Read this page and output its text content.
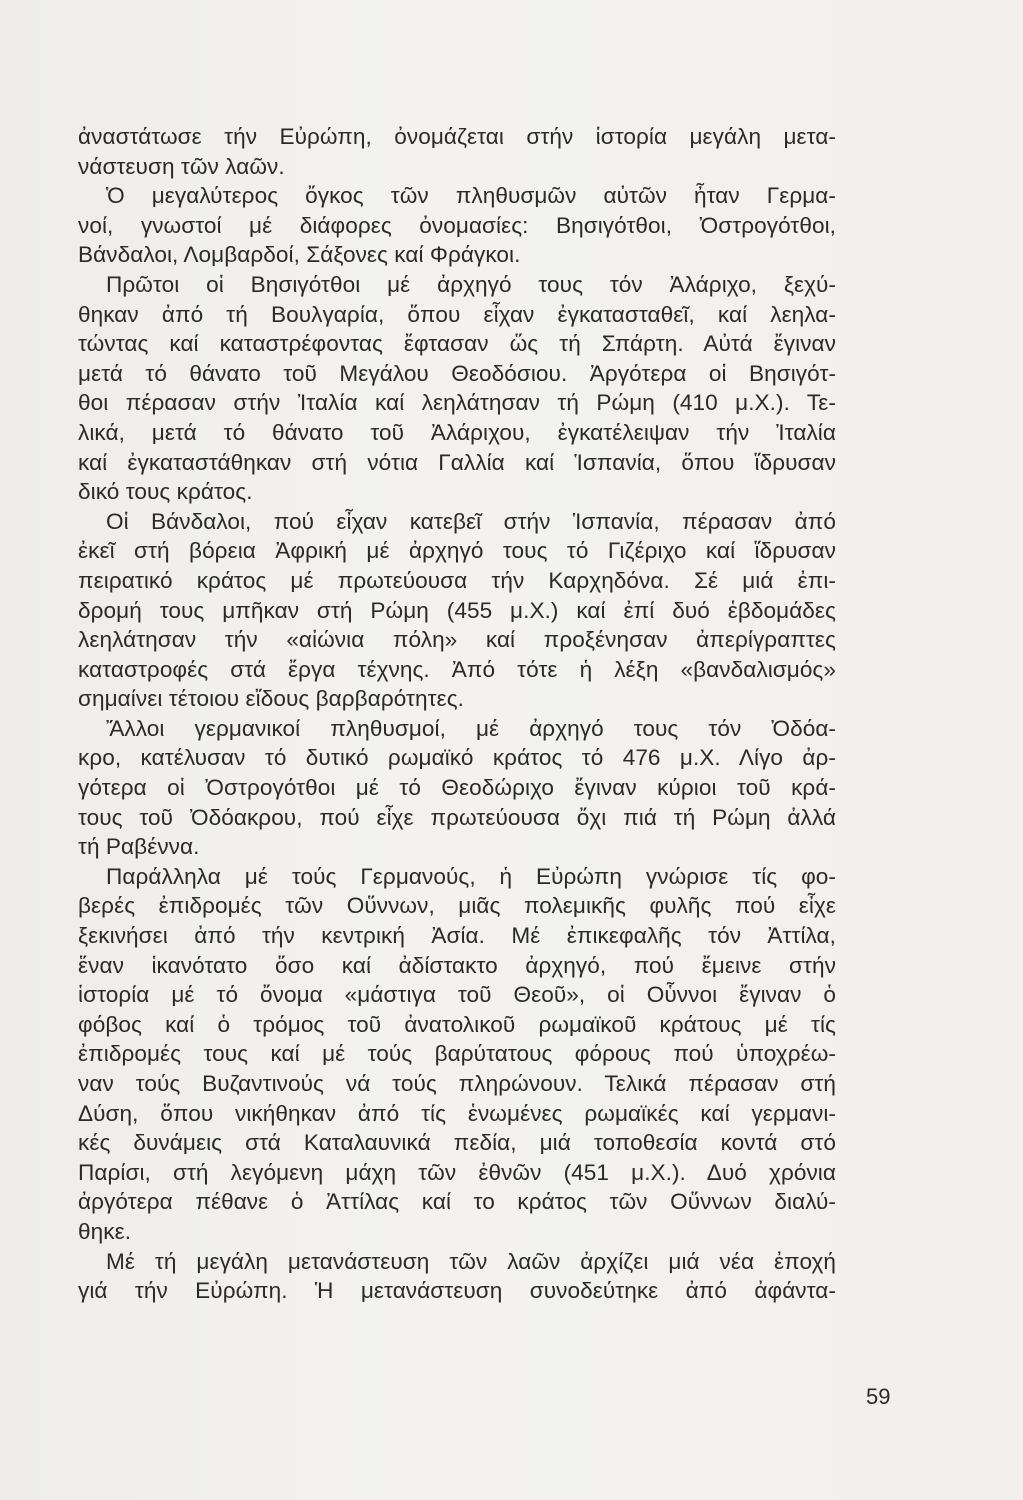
ἀναστάτωσε τήν Εὐρώπη, ὀνομάζεται στήν ἱστορία μεγάλη μετα-
νάστευση τῶν λαῶν.
Ὁ μεγαλύτερος ὄγκος τῶν πληθυσμῶν αὐτῶν ἦταν Γερμα-
νοί, γνωστοί μέ διάφορες ὀνομασίες: Βησιγότθοι, Ὀστρογότθοι,
Βάνδαλοι, Λομβαρδοί, Σάξονες καί Φράγκοι.
Πρῶτοι οἱ Βησιγότθοι μέ ἀρχηγό τους τόν Ἀλάριχο, ξεχύ-
θηκαν ἀπό τή Βουλγαρία, ὅπου εἶχαν ἐγκατασταθεῖ, καί λεηλα-
τώντας καί καταστρέφοντας ἔφτασαν ὥς τή Σπάρτη. Αὐτά ἔγιναν
μετά τό θάνατο τοῦ Μεγάλου Θεοδόσιου. Ἀργότερα οἱ Βησιγότ-
θοι πέρασαν στήν Ἰταλία καί λεηλάτησαν τή Ρώμη (410 μ.Χ.). Τε-
λικά, μετά τό θάνατο τοῦ Ἀλάριχου, ἐγκατέλειψαν τήν Ἰταλία
καί ἐγκαταστάθηκαν στή νότια Γαλλία καί Ἱσπανία, ὅπου ἵδρυσαν
δικό τους κράτος.
Οἱ Βάνδαλοι, πού εἶχαν κατεβεῖ στήν Ἱσπανία, πέρασαν ἀπό
ἐκεῖ στή βόρεια Ἀφρική μέ ἀρχηγό τους τό Γιζέριχο καί ἵδρυσαν
πειρατικό κράτος μέ πρωτεύουσα τήν Καρχηδόνα. Σέ μιά ἐπι-
δρομή τους μπῆκαν στή Ρώμη (455 μ.Χ.) καί ἐπί δυό ἑβδομάδες
λεηλάτησαν τήν «αἰώνια πόλη» καί προξένησαν ἀπερίγραπτες
καταστροφές στά ἔργα τέχνης. Ἀπό τότε ἡ λέξη «βανδαλισμός»
σημαίνει τέτοιου εἴδους βαρβαρότητες.
Ἄλλοι γερμανικοί πληθυσμοί, μέ ἀρχηγό τους τόν Ὀδόα-
κρο, κατέλυσαν τό δυτικό ρωμαϊκό κράτος τό 476 μ.Χ. Λίγο ἀρ-
γότερα οἱ Ὀστρογότθοι μέ τό Θεοδώριχο ἔγιναν κύριοι τοῦ κρά-
τους τοῦ Ὀδόακρου, πού εἶχε πρωτεύουσα ὄχι πιά τή Ρώμη ἀλλά
τή Ραβέννα.
Παράλληλα μέ τούς Γερμανούς, ἡ Εὐρώπη γνώρισε τίς φο-
βερές ἐπιδρομές τῶν Οὕννων, μιᾶς πολεμικῆς φυλῆς πού εἶχε
ξεκινήσει ἀπό τήν κεντρική Ἀσία. Μέ ἐπικεφαλῆς τόν Ἀττίλα,
ἕναν ἱκανότατο ὅσο καί ἀδίστακτο ἀρχηγό, πού ἔμεινε στήν
ἱστορία μέ τό ὄνομα «μάστιγα τοῦ Θεοῦ», οἱ Οὗννοι ἔγιναν ὁ
φόβος καί ὁ τρόμος τοῦ ἀνατολικοῦ ρωμαϊκοῦ κράτους μέ τίς
ἐπιδρομές τους καί μέ τούς βαρύτατους φόρους πού ὑποχρέω-
ναν τούς Βυζαντινούς νά τούς πληρώνουν. Τελικά πέρασαν στή
Δύση, ὅπου νικήθηκαν ἀπό τίς ἑνωμένες ρωμαϊκές καί γερμανι-
κές δυνάμεις στά Καταλαυνικά πεδία, μιά τοποθεσία κοντά στό
Παρίσι, στή λεγόμενη μάχη τῶν ἐθνῶν (451 μ.Χ.). Δυό χρόνια
ἀργότερα πέθανε ὁ Ἀττίλας καί το κράτος τῶν Οὕννων διαλύ-
θηκε.
Μέ τή μεγάλη μετανάστευση τῶν λαῶν ἀρχίζει μιά νέα ἐποχή
γιά τήν Εὐρώπη. Ἡ μετανάστευση συνοδεύτηκε ἀπό ἀφάντα-
59
